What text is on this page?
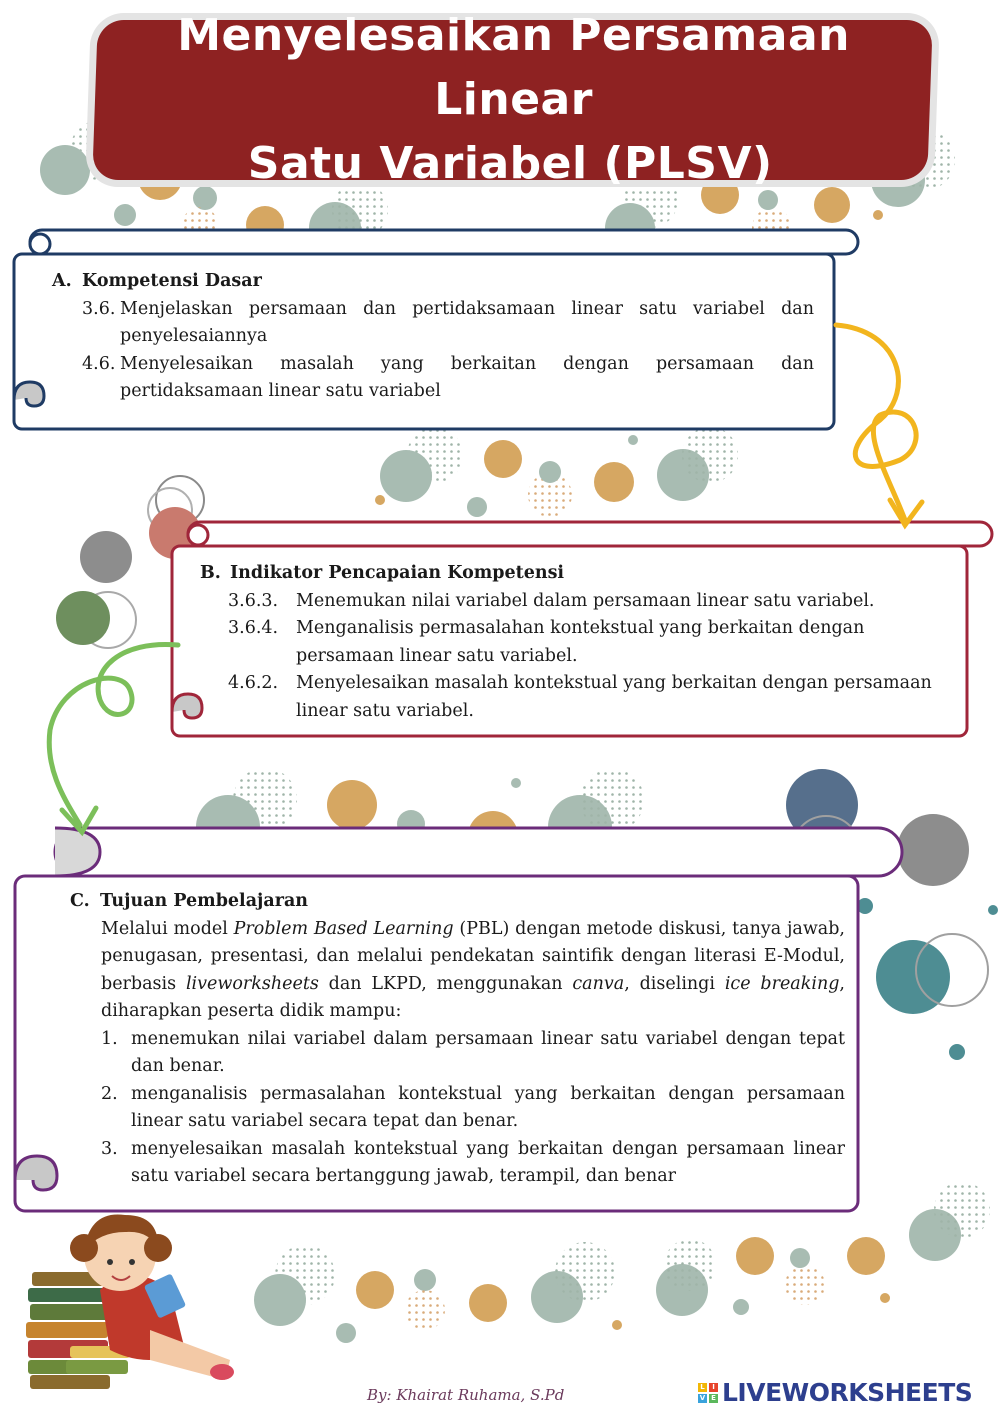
Menyelesaikan Persamaan Linear
Satu Variabel (PLSV)
A. Kompetensi Dasar
3.6. Menjelaskan persamaan dan pertidaksamaan linear satu variabel dan penyelesaiannya
4.6. Menyelesaikan masalah yang berkaitan dengan persamaan dan pertidaksamaan linear satu variabel
B. Indikator Pencapaian Kompetensi
3.6.3.	Menemukan nilai variabel dalam persamaan linear satu variabel.
3.6.4.	Menganalisis permasalahan kontekstual yang berkaitan dengan persamaan linear satu variabel.
4.6.2.	Menyelesaikan masalah kontekstual yang berkaitan dengan persamaan linear satu variabel.
C. Tujuan Pembelajaran
Melalui model Problem Based Learning (PBL) dengan metode diskusi, tanya jawab, penugasan, presentasi, dan melalui pendekatan saintifik dengan literasi E-Modul, berbasis liveworksheets dan LKPD, menggunakan canva, diselingi ice breaking, diharapkan peserta didik mampu:
1. menemukan nilai variabel dalam persamaan linear satu variabel dengan tepat dan benar.
2. menganalisis permasalahan kontekstual yang berkaitan dengan persamaan linear satu variabel secara tepat dan benar.
3. menyelesaikan masalah kontekstual yang berkaitan dengan persamaan linear satu variabel secara bertanggung jawab, terampil, dan benar
By: Khairat Ruhama, S.Pd	L	I
V E LIVEWORKSHEETS
